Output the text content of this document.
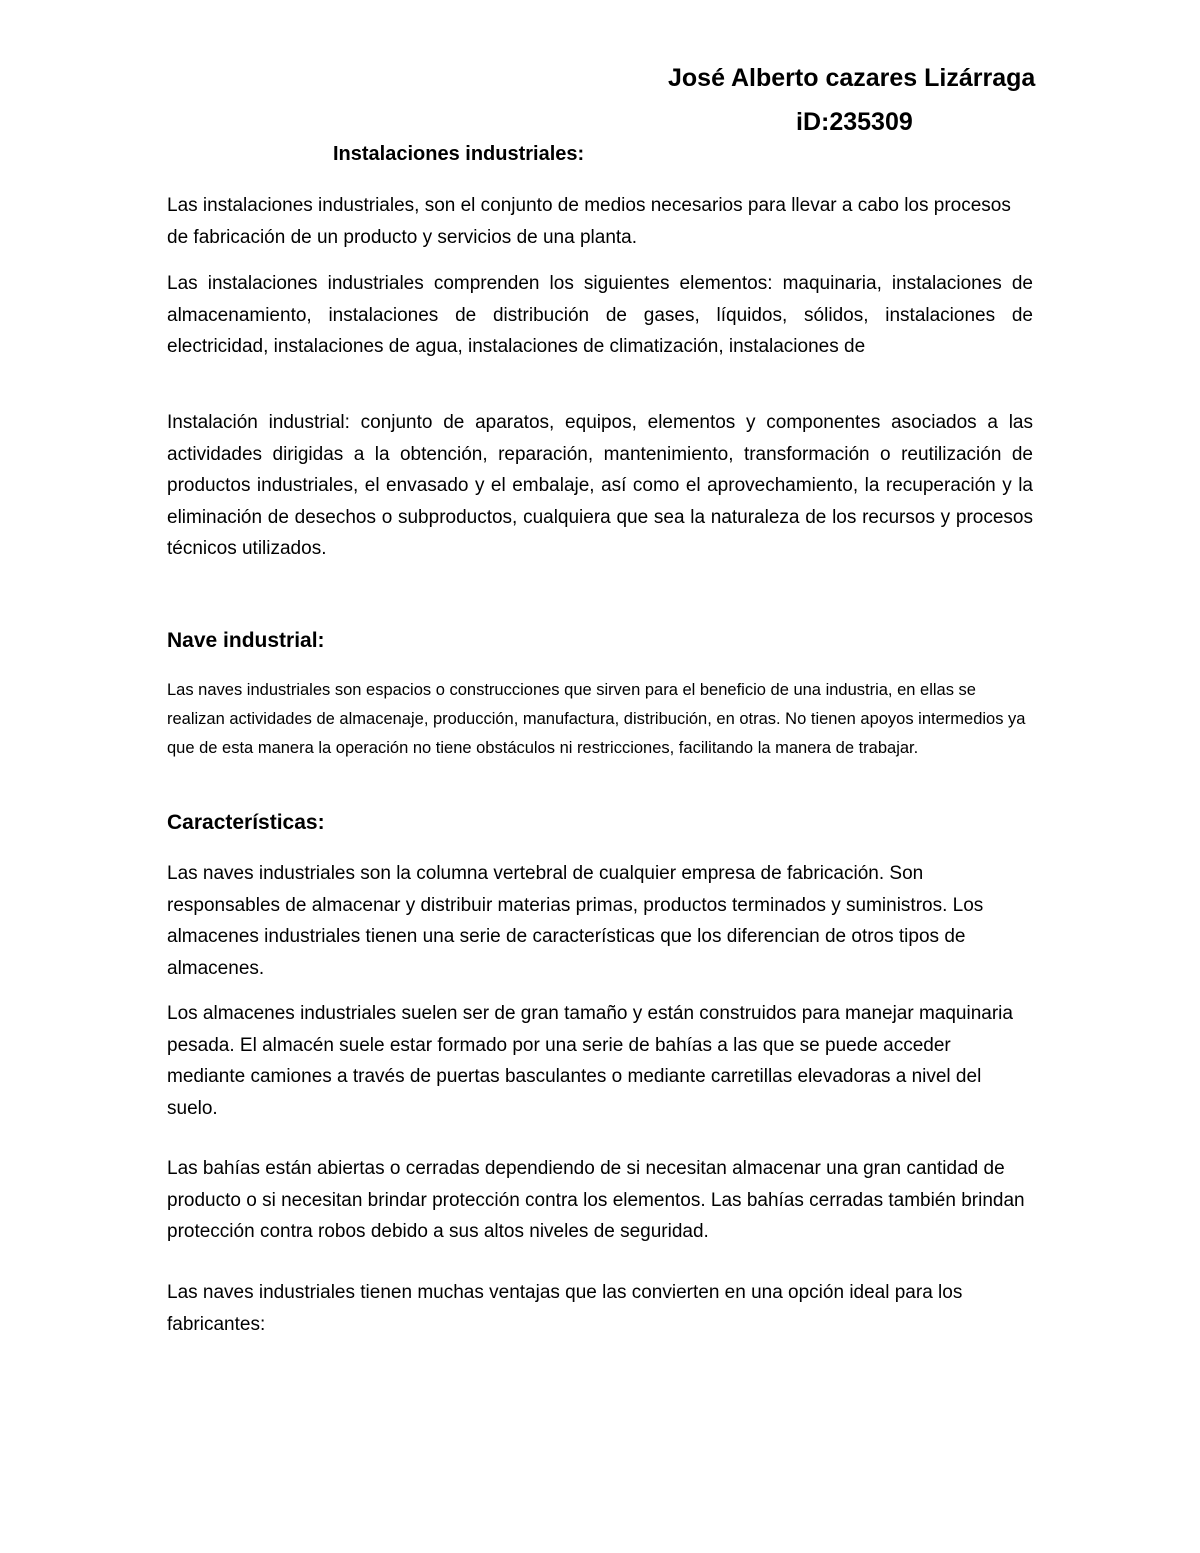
José Alberto cazares Lizárraga
iD:235309
Instalaciones industriales:

Las instalaciones industriales, son el conjunto de medios necesarios para llevar a cabo los procesos de fabricación de un producto y servicios de una planta.

Las instalaciones industriales comprenden los siguientes elementos: maquinaria, instalaciones de almacenamiento, instalaciones de distribución de gases, líquidos, sólidos, instalaciones de electricidad, instalaciones de agua, instalaciones de climatización, instalaciones de

Instalación industrial: conjunto de aparatos, equipos, elementos y componentes asociados a las actividades dirigidas a la obtención, reparación, mantenimiento, transformación o reutilización de productos industriales, el envasado y el embalaje, así como el aprovechamiento, la recuperación y la eliminación de desechos o subproductos, cualquiera que sea la naturaleza de los recursos y procesos técnicos utilizados.

Nave industrial:

Las naves industriales son espacios o construcciones que sirven para el beneficio de una industria, en ellas se realizan actividades de almacenaje, producción, manufactura, distribución, en otras. No tienen apoyos intermedios ya que de esta manera la operación no tiene obstáculos ni restricciones, facilitando la manera de trabajar.

Características:

Las naves industriales son la columna vertebral de cualquier empresa de fabricación. Son responsables de almacenar y distribuir materias primas, productos terminados y suministros. Los almacenes industriales tienen una serie de características que los diferencian de otros tipos de almacenes.

Los almacenes industriales suelen ser de gran tamaño y están construidos para manejar maquinaria pesada. El almacén suele estar formado por una serie de bahías a las que se puede acceder mediante camiones a través de puertas basculantes o mediante carretillas elevadoras a nivel del suelo.

Las bahías están abiertas o cerradas dependiendo de si necesitan almacenar una gran cantidad de producto o si necesitan brindar protección contra los elementos. Las bahías cerradas también brindan protección contra robos debido a sus altos niveles de seguridad.

Las naves industriales tienen muchas ventajas que las convierten en una opción ideal para los fabricantes:
